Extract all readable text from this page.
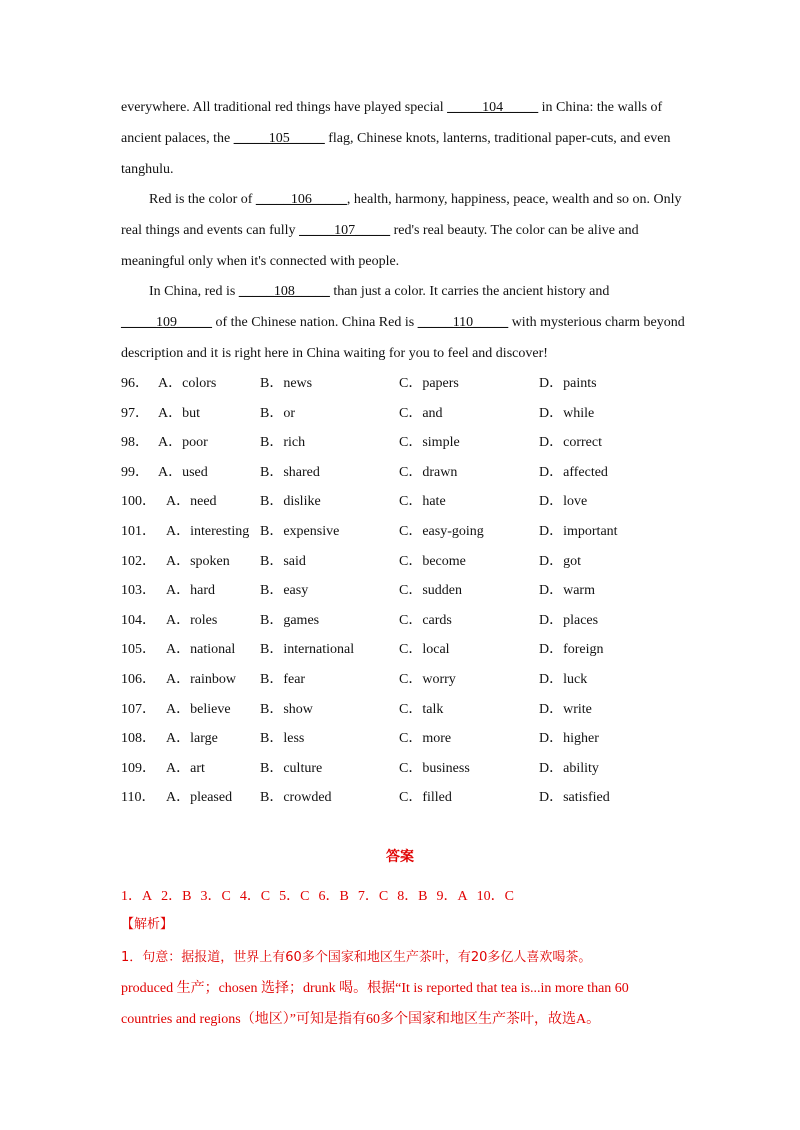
everywhere. All traditional red things have played special _____104_____ in China: the walls of
ancient palaces, the _____105_____ flag, Chinese knots, lanterns, traditional paper-cuts, and even
tanghulu.
Red is the color of _____106_____, health, harmony, happiness, peace, wealth and so on. Only
real things and events can fully _____107_____ red's real beauty. The color can be alive and
meaningful only when it's connected with people.
In China, red is _____108_____ than just a color. It carries the ancient history and
_____109_____ of the Chinese nation. China Red is _____110_____ with mysterious charm beyond
description and it is right here in China waiting for you to feel and discover!
96． A．colors	B．news	C．papers	D．paints
97． A．but	B．or	C．and	D．while
98． A．poor	B．rich	C．simple	D．correct
99． A．used	B．shared	C．drawn	D．affected
100． A．need	B．dislike	C．hate	D．love
101． A．interesting B．expensive	C．easy-going	D．important
102． A．spoken B．said	C．become	D．got
103． A．hard	B．easy	C．sudden	D．warm
104． A．roles	B．games	C．cards	D．places
105． A．national B．international	C．local	D．foreign
106． A．rainbow B．fear	C．worry	D．luck
107． A．believe B．show	C．talk	D．write
108． A．large	B．less	C．more	D．higher
109． A．art	B．culture	C．business	D．ability
110． A．pleased B．crowded	C．filled	D．satisfied
答案
1．A 2．B 3．C 4．C 5．C 6．B 7．C 8．B 9．A 10．C
【解析】
1．句意：据报道，世界上有60多个国家和地区生产茶叶，有20多亿人喜欢喝茶。
produced 生产；chosen 选择；drunk 喝。根据“It is reported that tea is...in more than 60
countries and regions（地区）”可知是指有60多个国家和地区生产茶叶，故选A。
